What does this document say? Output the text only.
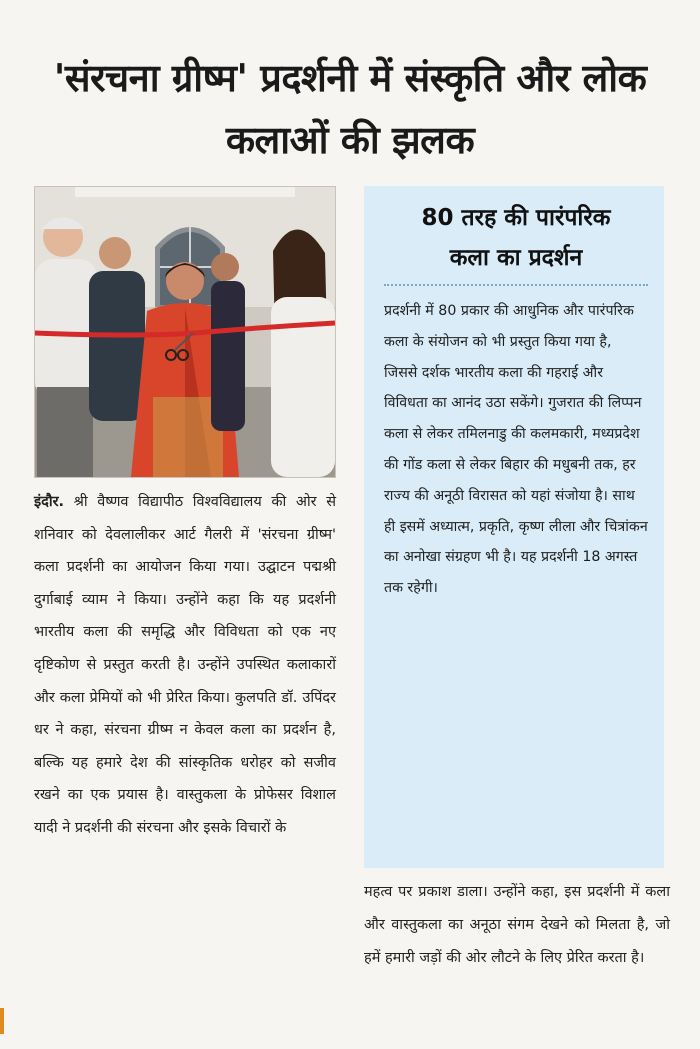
'संरचना ग्रीष्म' प्रदर्शनी में संस्कृति और लोक कलाओं की झलक
इंदौर. श्री वैष्णव विद्यापीठ विश्वविद्यालय की ओर से शनिवार को देवलालीकर आर्ट गैलरी में 'संरचना ग्रीष्म' कला प्रदर्शनी का आयोजन किया गया। उद्घाटन पद्मश्री दुर्गाबाई व्याम ने किया। उन्होंने कहा कि यह प्रदर्शनी भारतीय कला की समृद्धि और विविधता को एक नए दृष्टिकोण से प्रस्तुत करती है। उन्होंने उपस्थित कलाकारों और कला प्रेमियों को भी प्रेरित किया। कुलपति डॉ. उपिंदर धर ने कहा, संरचना ग्रीष्म न केवल कला का प्रदर्शन है, बल्कि यह हमारे देश की सांस्कृतिक धरोहर को सजीव रखने का एक प्रयास है। वास्तुकला के प्रोफेसर विशाल यादी ने प्रदर्शनी की संरचना और इसके विचारों के
80 तरह की पारंपरिक
कला का प्रदर्शन
प्रदर्शनी में 80 प्रकार की आधुनिक और पारंपरिक कला के संयोजन को भी प्रस्तुत किया गया है, जिससे दर्शक भारतीय कला की गहराई और विविधता का आनंद उठा सकेंगे। गुजरात की लिप्पन कला से लेकर तमिलनाडु की कलमकारी, मध्यप्रदेश की गोंड कला से लेकर बिहार की मधुबनी तक, हर राज्य की अनूठी विरासत को यहां संजोया है। साथ ही इसमें अध्यात्म, प्रकृति, कृष्ण लीला और चित्रांकन का अनोखा संग्रहण भी है। यह प्रदर्शनी 18 अगस्त तक रहेगी।
महत्व पर प्रकाश डाला। उन्होंने कहा, इस प्रदर्शनी में कला और वास्तुकला का अनूठा संगम देखने को मिलता है, जो हमें हमारी जड़ों की ओर लौटने के लिए प्रेरित करता है।
